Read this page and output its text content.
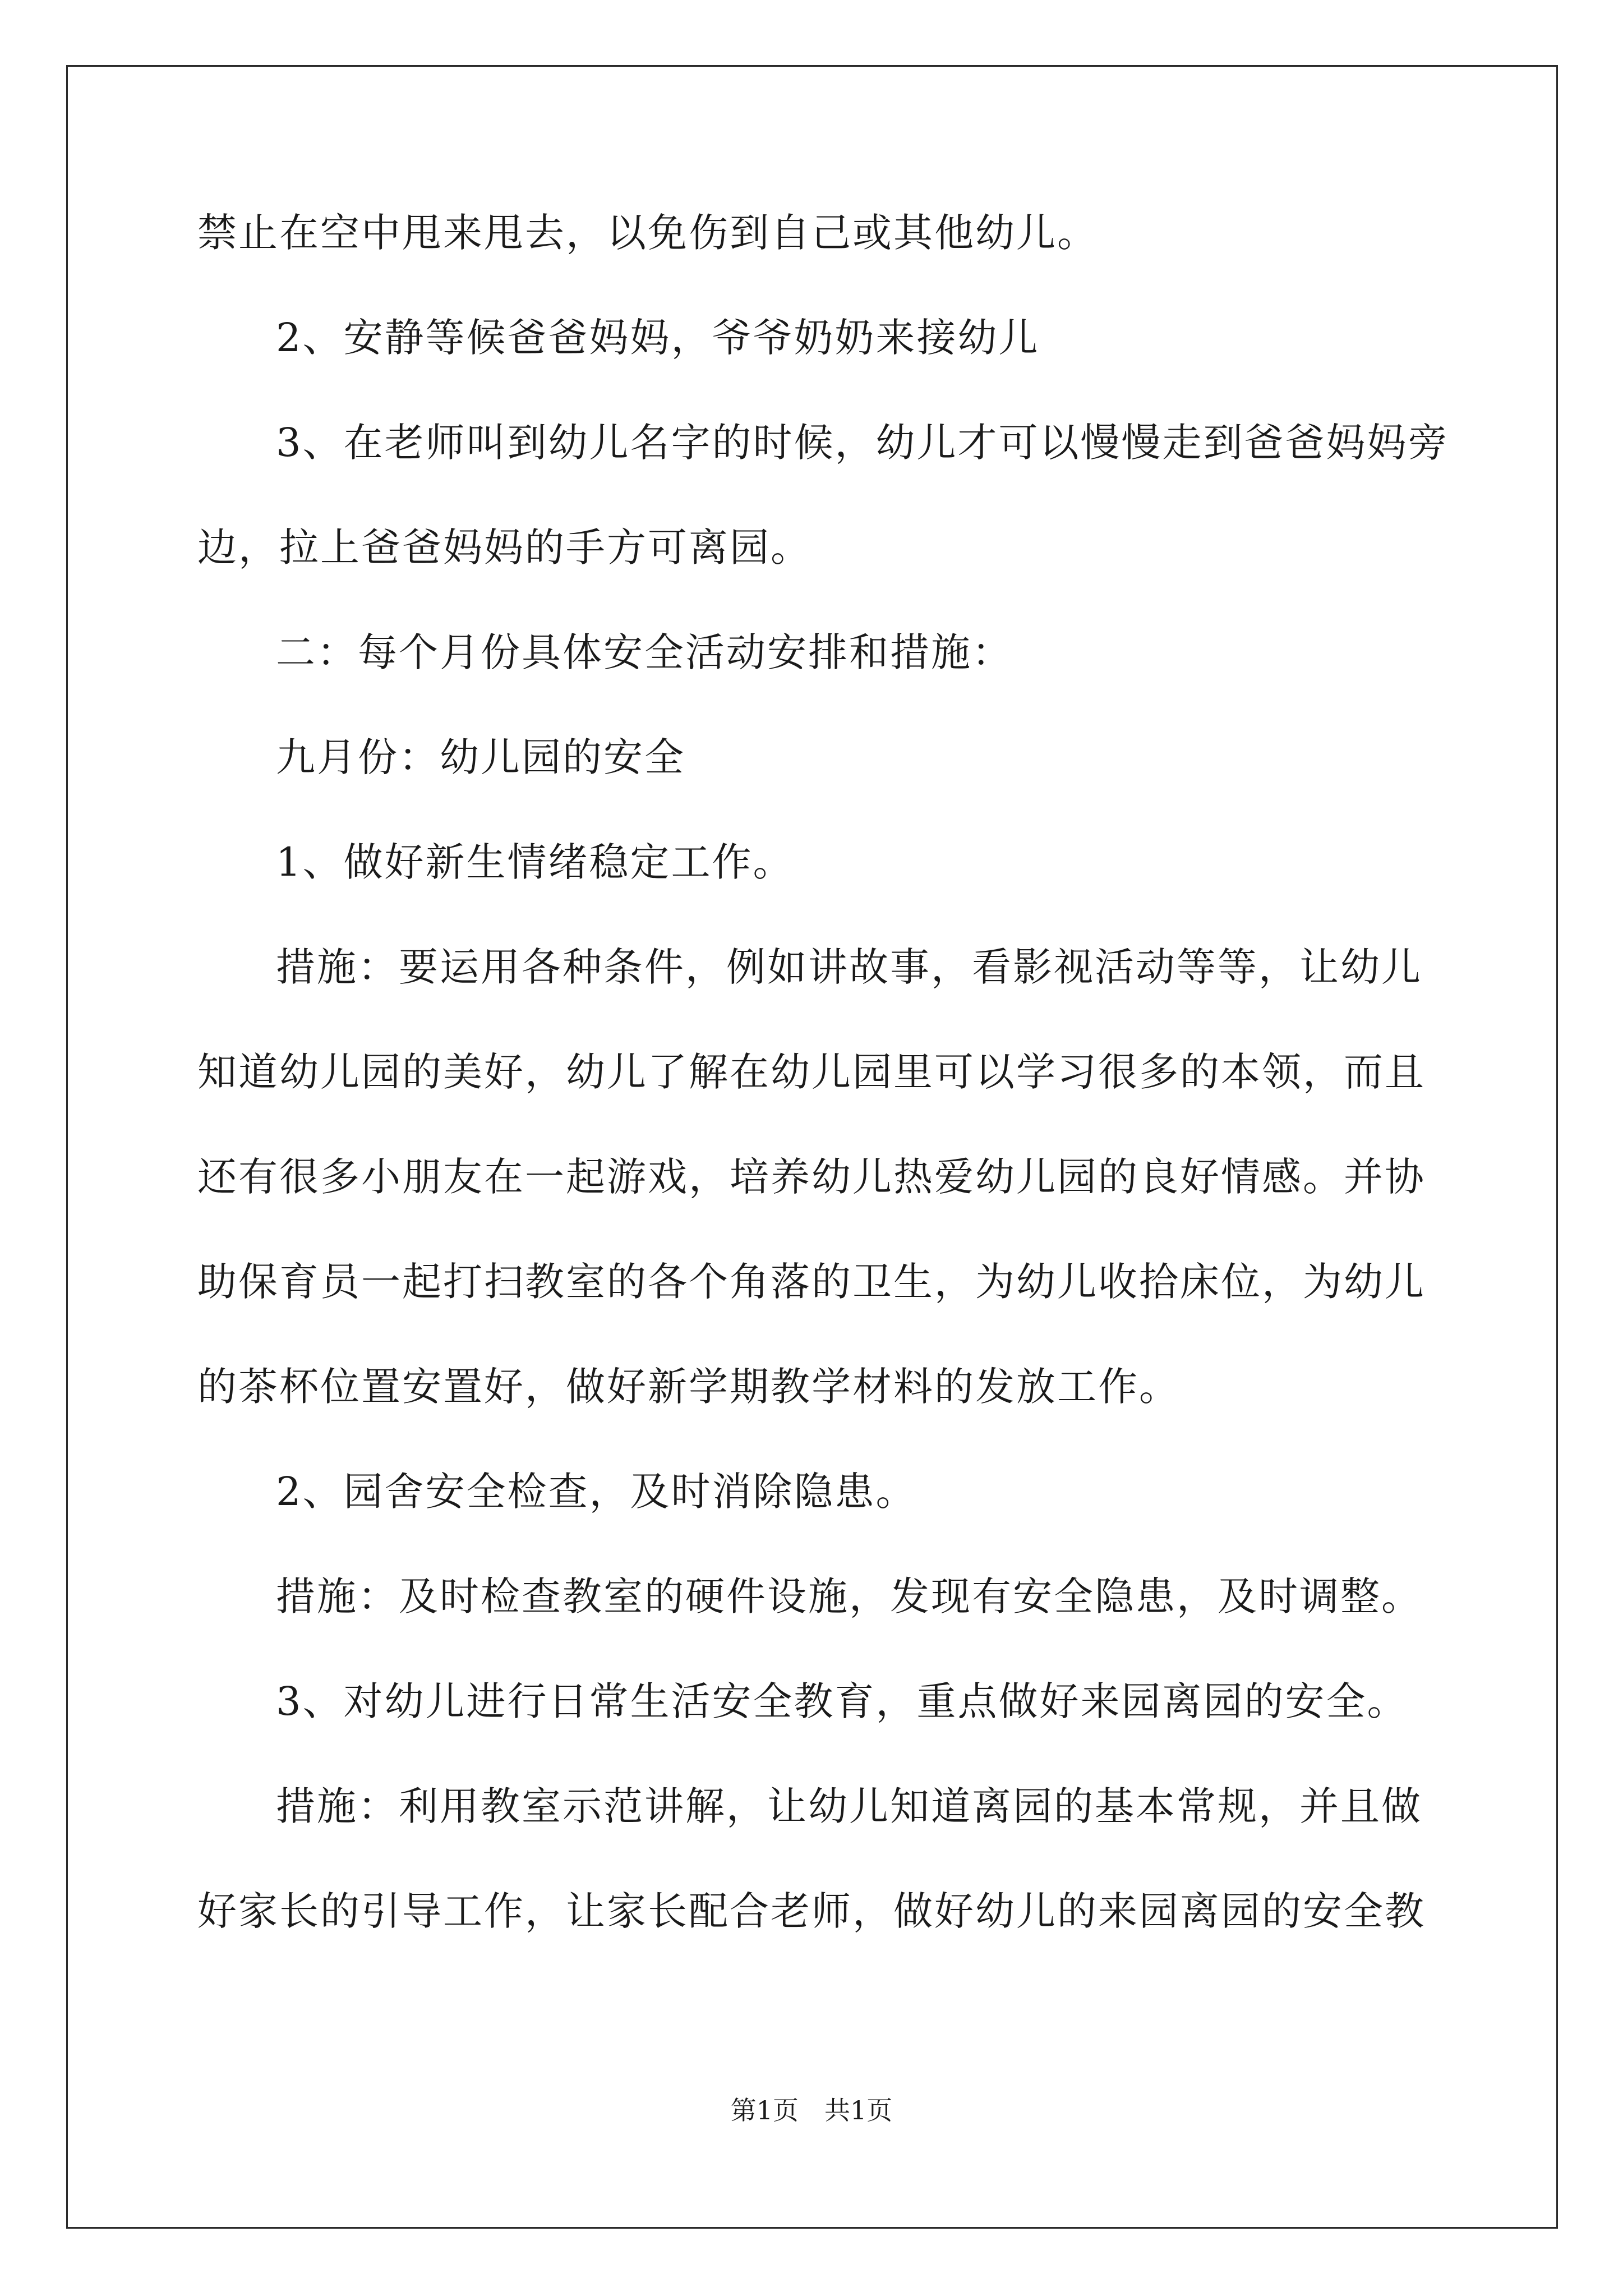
禁止在空中甩来甩去，以免伤到自己或其他幼儿。
2、安静等候爸爸妈妈，爷爷奶奶来接幼儿
3、在老师叫到幼儿名字的时候，幼儿才可以慢慢走到爸爸妈妈旁
边，拉上爸爸妈妈的手方可离园。
二：每个月份具体安全活动安排和措施：
九月份：幼儿园的安全
1、做好新生情绪稳定工作。
措施：要运用各种条件，例如讲故事，看影视活动等等，让幼儿
知道幼儿园的美好，幼儿了解在幼儿园里可以学习很多的本领，而且
还有很多小朋友在一起游戏，培养幼儿热爱幼儿园的良好情感。并协
助保育员一起打扫教室的各个角落的卫生，为幼儿收拾床位，为幼儿
的茶杯位置安置好，做好新学期教学材料的发放工作。
2、园舍安全检查，及时消除隐患。
措施：及时检查教室的硬件设施，发现有安全隐患，及时调整。
3、对幼儿进行日常生活安全教育，重点做好来园离园的安全。
措施：利用教室示范讲解，让幼儿知道离园的基本常规，并且做
好家长的引导工作，让家长配合老师，做好幼儿的来园离园的安全教
第1页 共1页
